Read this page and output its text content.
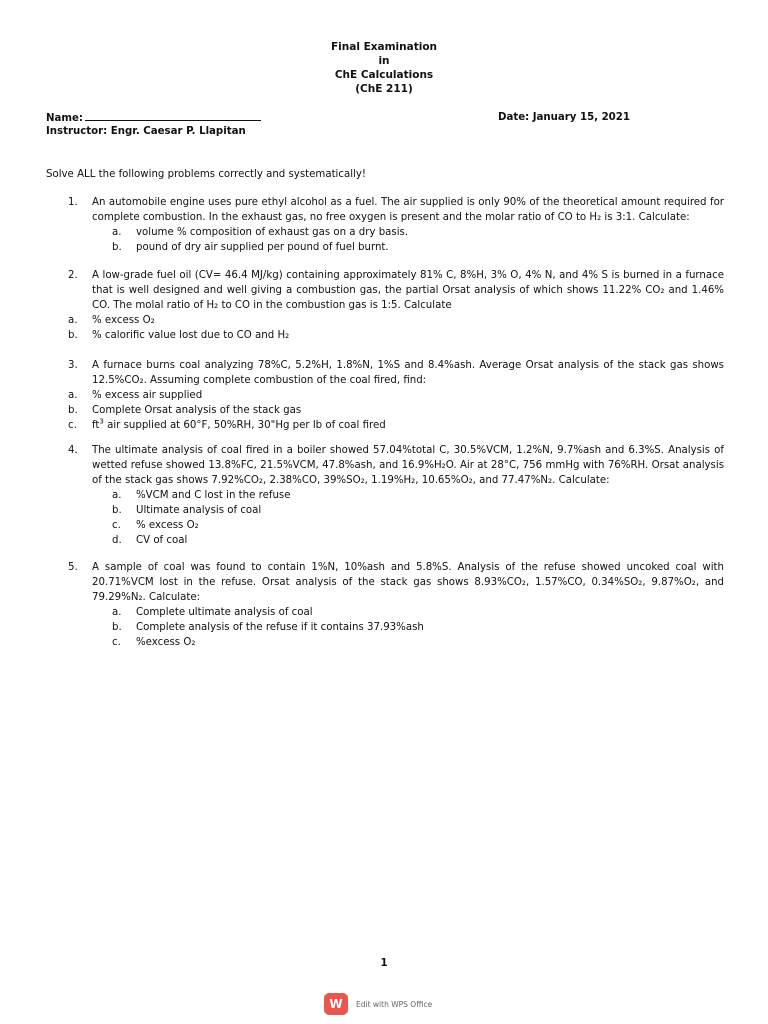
Final Examination
in
ChE Calculations
(ChE 211)
Name:	Date: January 15, 2021
Instructor: Engr. Caesar P. Llapitan
Solve ALL the following problems correctly and systematically!
1.	An automobile engine uses pure ethyl alcohol as a fuel. The air supplied is only 90% of the theoretical amount required for complete combustion. In the exhaust gas, no free oxygen is present and the molar ratio of CO to H₂ is 3:1. Calculate:
a.	volume % composition of exhaust gas on a dry basis.
b.	pound of dry air supplied per pound of fuel burnt.
2.	A low-grade fuel oil (CV= 46.4 MJ/kg) containing approximately 81% C, 8%H, 3% O, 4% N, and 4% S is burned in a furnace that is well designed and well giving a combustion gas, the partial Orsat analysis of which shows 11.22% CO₂ and 1.46% CO. The molal ratio of H₂ to CO in the combustion gas is 1:5. Calculate
a.	% excess O₂
b.	% calorific value lost due to CO and H₂
3.	A furnace burns coal analyzing 78%C, 5.2%H, 1.8%N, 1%S and 8.4%ash. Average Orsat analysis of the stack gas shows 12.5%CO₂. Assuming complete combustion of the coal fired, find:
a.	% excess air supplied
b.	Complete Orsat analysis of the stack gas
c.	$ft^3$ air supplied at 60°F, 50%RH, 30"Hg per lb of coal fired
4.	The ultimate analysis of coal fired in a boiler showed 57.04%total C, 30.5%VCM, 1.2%N, 9.7%ash and 6.3%S. Analysis of wetted refuse showed 13.8%FC, 21.5%VCM, 47.8%ash, and 16.9%H₂O. Air at 28°C, 756 mmHg with 76%RH. Orsat analysis of the stack gas shows 7.92%CO₂, 2.38%CO, 39%SO₂, 1.19%H₂, 10.65%O₂, and 77.47%N₂. Calculate:
a.	%VCM and C lost in the refuse
b.	Ultimate analysis of coal
c.	% excess O₂
d.	CV of coal
5.	A sample of coal was found to contain 1%N, 10%ash and 5.8%S. Analysis of the refuse showed uncoked coal with 20.71%VCM lost in the refuse. Orsat analysis of the stack gas shows 8.93%CO₂, 1.57%CO, 0.34%SO₂, 9.87%O₂, and 79.29%N₂. Calculate:
a.	Complete ultimate analysis of coal
b.	Complete analysis of the refuse if it contains 37.93%ash
c.	%excess O₂
1
W	Edit with WPS Office
